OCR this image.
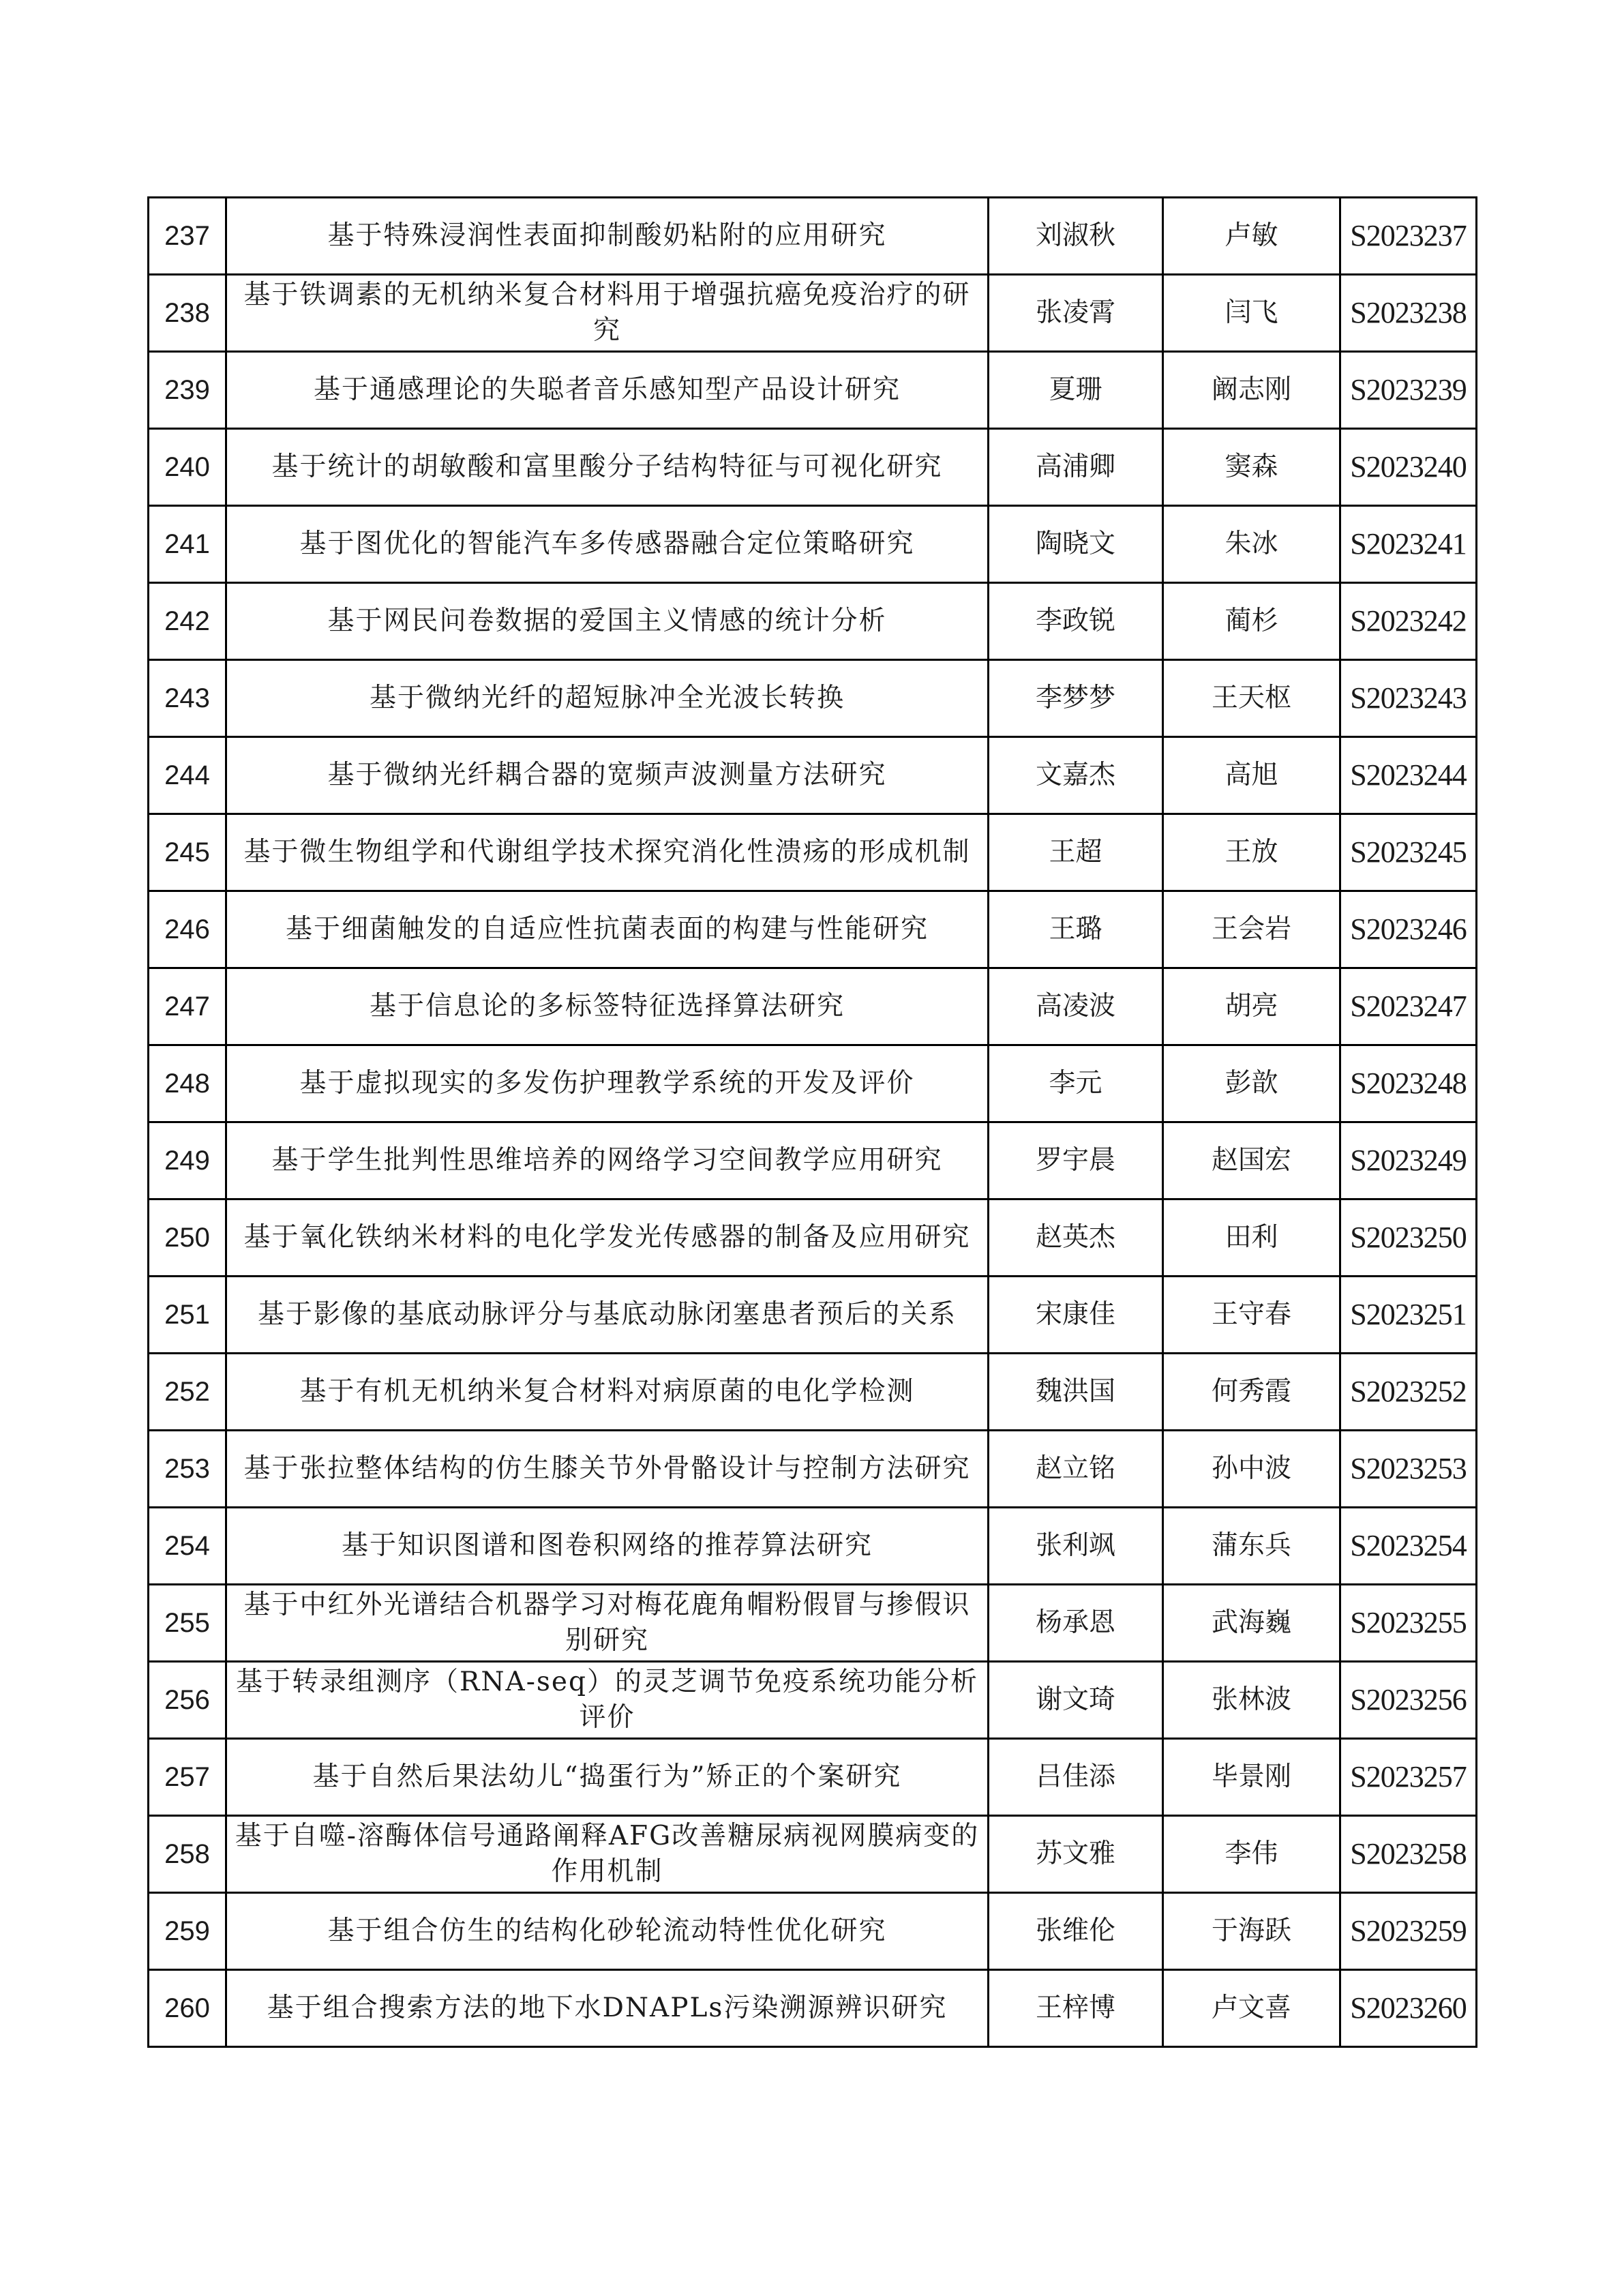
237	基于特殊浸润性表面抑制酸奶粘附的应用研究	刘淑秋	卢敏	S2023237
238	基于铁调素的无机纳米复合材料用于增强抗癌免疫治疗的研究	张凌霄	闫飞	S2023238
239	基于通感理论的失聪者音乐感知型产品设计研究	夏珊	阚志刚	S2023239
240	基于统计的胡敏酸和富里酸分子结构特征与可视化研究	高浦卿	窦森	S2023240
241	基于图优化的智能汽车多传感器融合定位策略研究	陶晓文	朱冰	S2023241
242	基于网民问卷数据的爱国主义情感的统计分析	李政锐	蔺杉	S2023242
243	基于微纳光纤的超短脉冲全光波长转换	李梦梦	王天枢	S2023243
244	基于微纳光纤耦合器的宽频声波测量方法研究	文嘉杰	高旭	S2023244
245	基于微生物组学和代谢组学技术探究消化性溃疡的形成机制	王超	王放	S2023245
246	基于细菌触发的自适应性抗菌表面的构建与性能研究	王璐	王会岩	S2023246
247	基于信息论的多标签特征选择算法研究	高凌波	胡亮	S2023247
248	基于虚拟现实的多发伤护理教学系统的开发及评价	李元	彭歆	S2023248
249	基于学生批判性思维培养的网络学习空间教学应用研究	罗宇晨	赵国宏	S2023249
250	基于氧化铁纳米材料的电化学发光传感器的制备及应用研究	赵英杰	田利	S2023250
251	基于影像的基底动脉评分与基底动脉闭塞患者预后的关系	宋康佳	王守春	S2023251
252	基于有机无机纳米复合材料对病原菌的电化学检测	魏洪国	何秀霞	S2023252
253	基于张拉整体结构的仿生膝关节外骨骼设计与控制方法研究	赵立铭	孙中波	S2023253
254	基于知识图谱和图卷积网络的推荐算法研究	张利飒	蒲东兵	S2023254
255	基于中红外光谱结合机器学习对梅花鹿角帽粉假冒与掺假识别研究	杨承恩	武海巍	S2023255
256	基于转录组测序（RNA-seq）的灵芝调节免疫系统功能分析评价	谢文琦	张林波	S2023256
257	基于自然后果法幼儿“捣蛋行为”矫正的个案研究	吕佳添	毕景刚	S2023257
258	基于自噬-溶酶体信号通路阐释AFG改善糖尿病视网膜病变的作用机制	苏文雅	李伟	S2023258
259	基于组合仿生的结构化砂轮流动特性优化研究	张维伦	于海跃	S2023259
260	基于组合搜索方法的地下水DNAPLs污染溯源辨识研究	王梓博	卢文喜	S2023260
